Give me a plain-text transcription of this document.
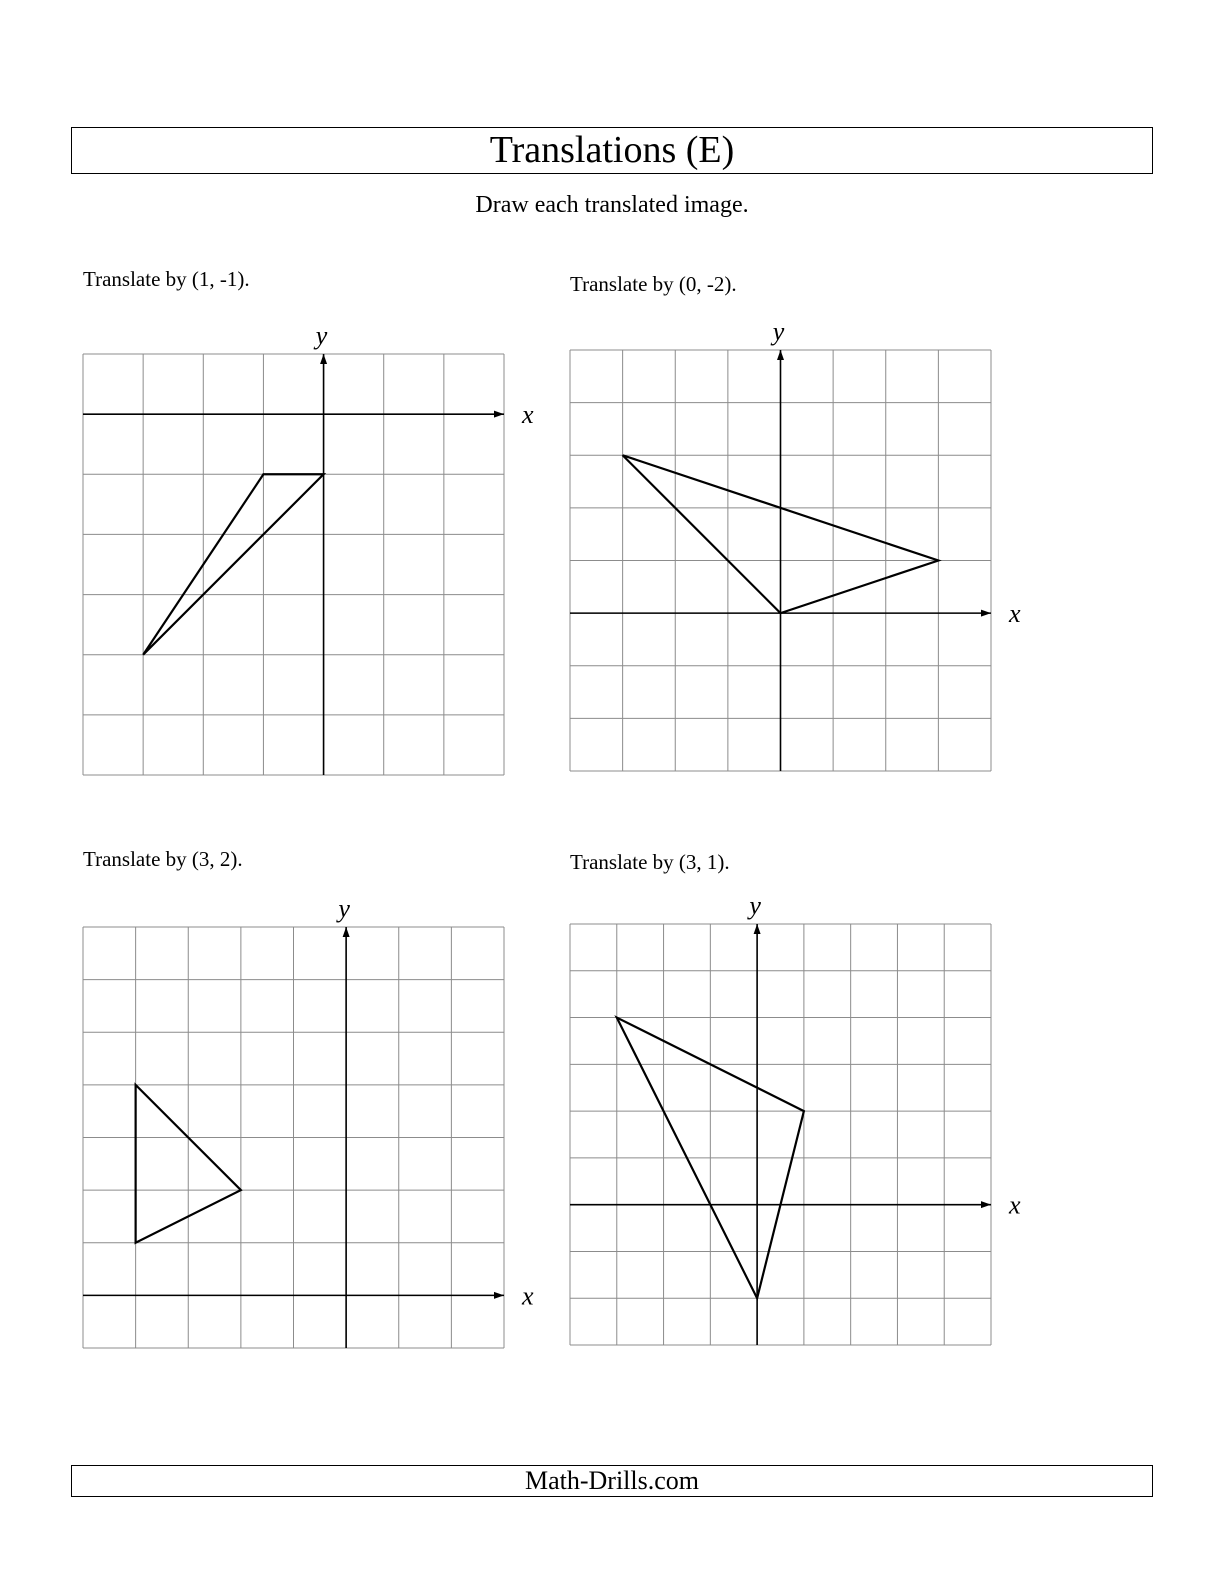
Translations (E)
Draw each translated image.
Translate by (1, -1).	Translate by (0, -2).
Translate by (3, 2).	Translate by (3, 1).
x
y
x
y
x
y
x
y
Math-Drills.com
